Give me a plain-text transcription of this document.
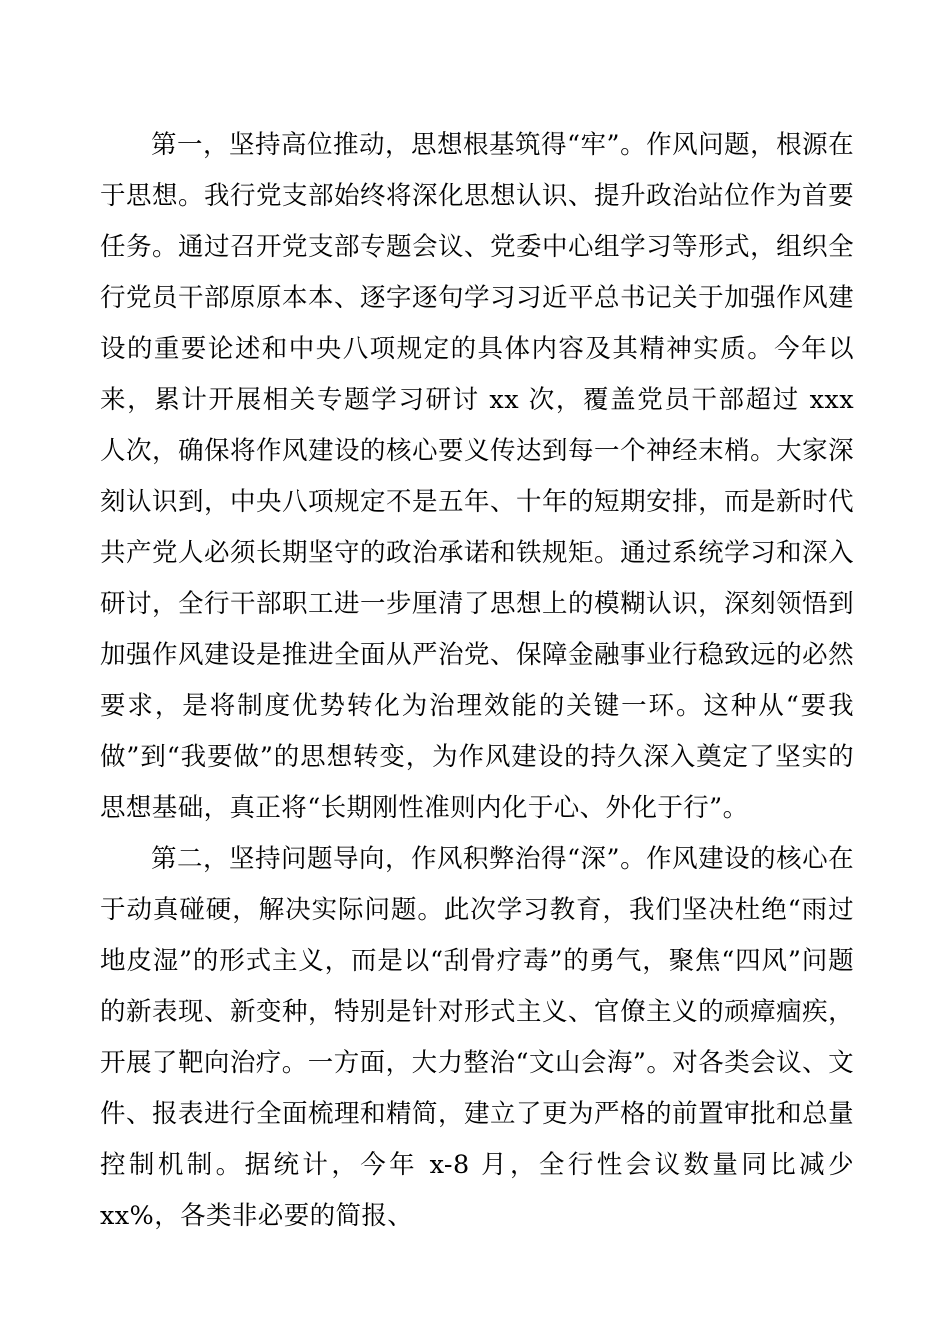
第一，坚持高位推动，思想根基筑得“牢”。作风问题，根源在于思想。我行党支部始终将深化思想认识、提升政治站位作为首要任务。通过召开党支部专题会议、党委中心组学习等形式，组织全行党员干部原原本本、逐字逐句学习习近平总书记关于加强作风建设的重要论述和中央八项规定的具体内容及其精神实质。今年以来，累计开展相关专题学习研讨 xx 次，覆盖党员干部超过 xxx 人次，确保将作风建设的核心要义传达到每一个神经末梢。大家深刻认识到，中央八项规定不是五年、十年的短期安排，而是新时代共产党人必须长期坚守的政治承诺和铁规矩。通过系统学习和深入研讨，全行干部职工进一步厘清了思想上的模糊认识，深刻领悟到加强作风建设是推进全面从严治党、保障金融事业行稳致远的必然要求，是将制度优势转化为治理效能的关键一环。这种从“要我做”到“我要做”的思想转变，为作风建设的持久深入奠定了坚实的思想基础，真正将“长期刚性准则内化于心、外化于行”。

第二，坚持问题导向，作风积弊治得“深”。作风建设的核心在于动真碰硬，解决实际问题。此次学习教育，我们坚决杜绝“雨过地皮湿”的形式主义，而是以“刮骨疗毒”的勇气，聚焦“四风”问题的新表现、新变种，特别是针对形式主义、官僚主义的顽瘴痼疾，开展了靶向治疗。一方面，大力整治“文山会海”。对各类会议、文件、报表进行全面梳理和精简，建立了更为严格的前置审批和总量控制机制。据统计，今年 x-8 月，全行性会议数量同比减少 xx%，各类非必要的简报、
